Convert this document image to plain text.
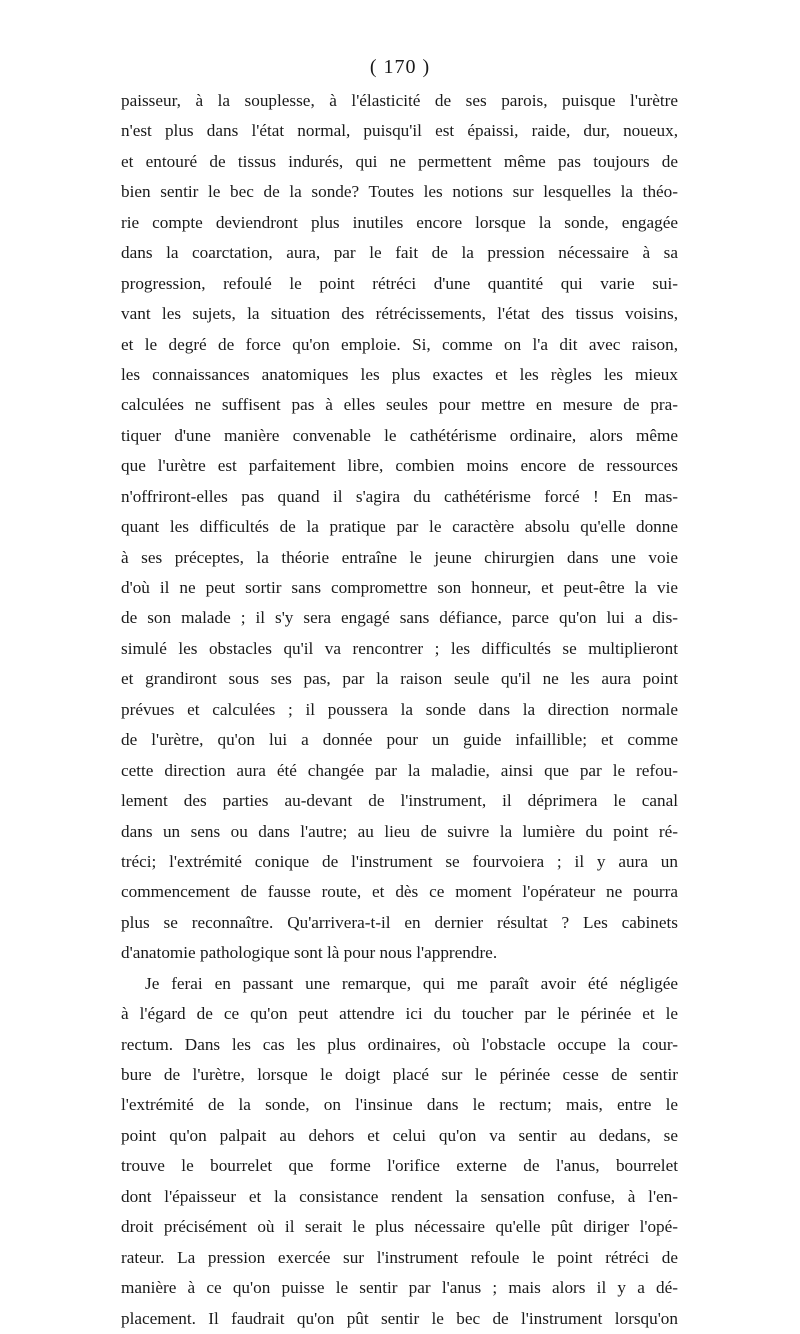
( 170 )
paisseur, à la souplesse, à l'élasticité de ses parois, puisque l'urètre
n'est plus dans l'état normal, puisqu'il est épaissi, raide, dur, noueux,
et entouré de tissus indurés, qui ne permettent même pas toujours de
bien sentir le bec de la sonde? Toutes les notions sur lesquelles la théo-
rie compte deviendront plus inutiles encore lorsque la sonde, engagée
dans la coarctation, aura, par le fait de la pression nécessaire à sa
progression, refoulé le point rétréci d'une quantité qui varie sui-
vant les sujets, la situation des rétrécissements, l'état des tissus voisins,
et le degré de force qu'on emploie. Si, comme on l'a dit avec raison,
les connaissances anatomiques les plus exactes et les règles les mieux
calculées ne suffisent pas à elles seules pour mettre en mesure de pra-
tiquer d'une manière convenable le cathétérisme ordinaire, alors même
que l'urètre est parfaitement libre, combien moins encore de ressources
n'offriront-elles pas quand il s'agira du cathétérisme forcé ! En mas-
quant les difficultés de la pratique par le caractère absolu qu'elle donne
à ses préceptes, la théorie entraîne le jeune chirurgien dans une voie
d'où il ne peut sortir sans compromettre son honneur, et peut-être la vie
de son malade ; il s'y sera engagé sans défiance, parce qu'on lui a dis-
simulé les obstacles qu'il va rencontrer ; les difficultés se multiplieront
et grandiront sous ses pas, par la raison seule qu'il ne les aura point
prévues et calculées ; il poussera la sonde dans la direction normale
de l'urètre, qu'on lui a donnée pour un guide infaillible; et comme
cette direction aura été changée par la maladie, ainsi que par le refou-
lement des parties au-devant de l'instrument, il déprimera le canal
dans un sens ou dans l'autre; au lieu de suivre la lumière du point ré-
tréci; l'extrémité conique de l'instrument se fourvoiera ; il y aura un
commencement de fausse route, et dès ce moment l'opérateur ne pourra
plus se reconnaître. Qu'arrivera-t-il en dernier résultat ? Les cabinets
d'anatomie pathologique sont là pour nous l'apprendre.
Je ferai en passant une remarque, qui me paraît avoir été négligée
à l'égard de ce qu'on peut attendre ici du toucher par le périnée et le
rectum. Dans les cas les plus ordinaires, où l'obstacle occupe la cour-
bure de l'urètre, lorsque le doigt placé sur le périnée cesse de sentir
l'extrémité de la sonde, on l'insinue dans le rectum; mais, entre le
point qu'on palpait au dehors et celui qu'on va sentir au dedans, se
trouve le bourrelet que forme l'orifice externe de l'anus, bourrelet
dont l'épaisseur et la consistance rendent la sensation confuse, à l'en-
droit précisément où il serait le plus nécessaire qu'elle pût diriger l'opé-
rateur. La pression exercée sur l'instrument refoule le point rétréci de
manière à ce qu'on puisse le sentir par l'anus ; mais alors il y a dé-
placement. Il faudrait qu'on pût sentir le bec de l'instrument lorsqu'on
